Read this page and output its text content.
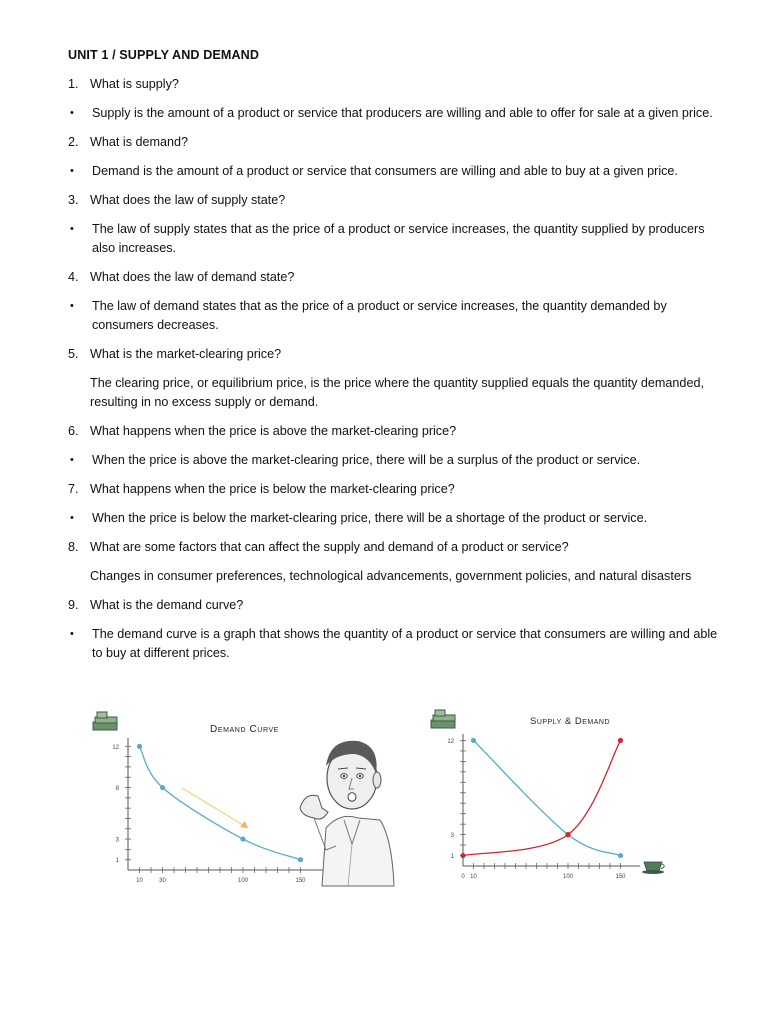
UNIT 1 / SUPPLY AND DEMAND
1. What is supply?
•	Supply is the amount of a product or service that producers are willing and able to offer for sale at a given price.
2. What is demand?
•	Demand is the amount of a product or service that consumers are willing and able to buy at a given price.
3. What does the law of supply state?
•	The law of supply states that as the price of a product or service increases, the quantity supplied by producers also increases.
4. What does the law of demand state?
•	The law of demand states that as the price of a product or service increases, the quantity demanded by consumers decreases.
5. What is the market-clearing price?
The clearing price, or equilibrium price, is the price where the quantity supplied equals the quantity demanded, resulting in no excess supply or demand.
6. What happens when the price is above the market-clearing price?
•	When the price is above the market-clearing price, there will be a surplus of the product or service.
7. What happens when the price is below the market-clearing price?
•	When the price is below the market-clearing price, there will be a shortage of the product or service.
8. What are some factors that can affect the supply and demand of a product or service?
Changes in consumer preferences, technological advancements, government policies, and natural disasters
9. What is the demand curve?
•	The demand curve is a graph that shows the quantity of a product or service that consumers are willing and able to buy at different prices.
Demand Curve
12
8
3
1
10	30	100	150
Supply & Demand
12
3
1
0 10	100	150
